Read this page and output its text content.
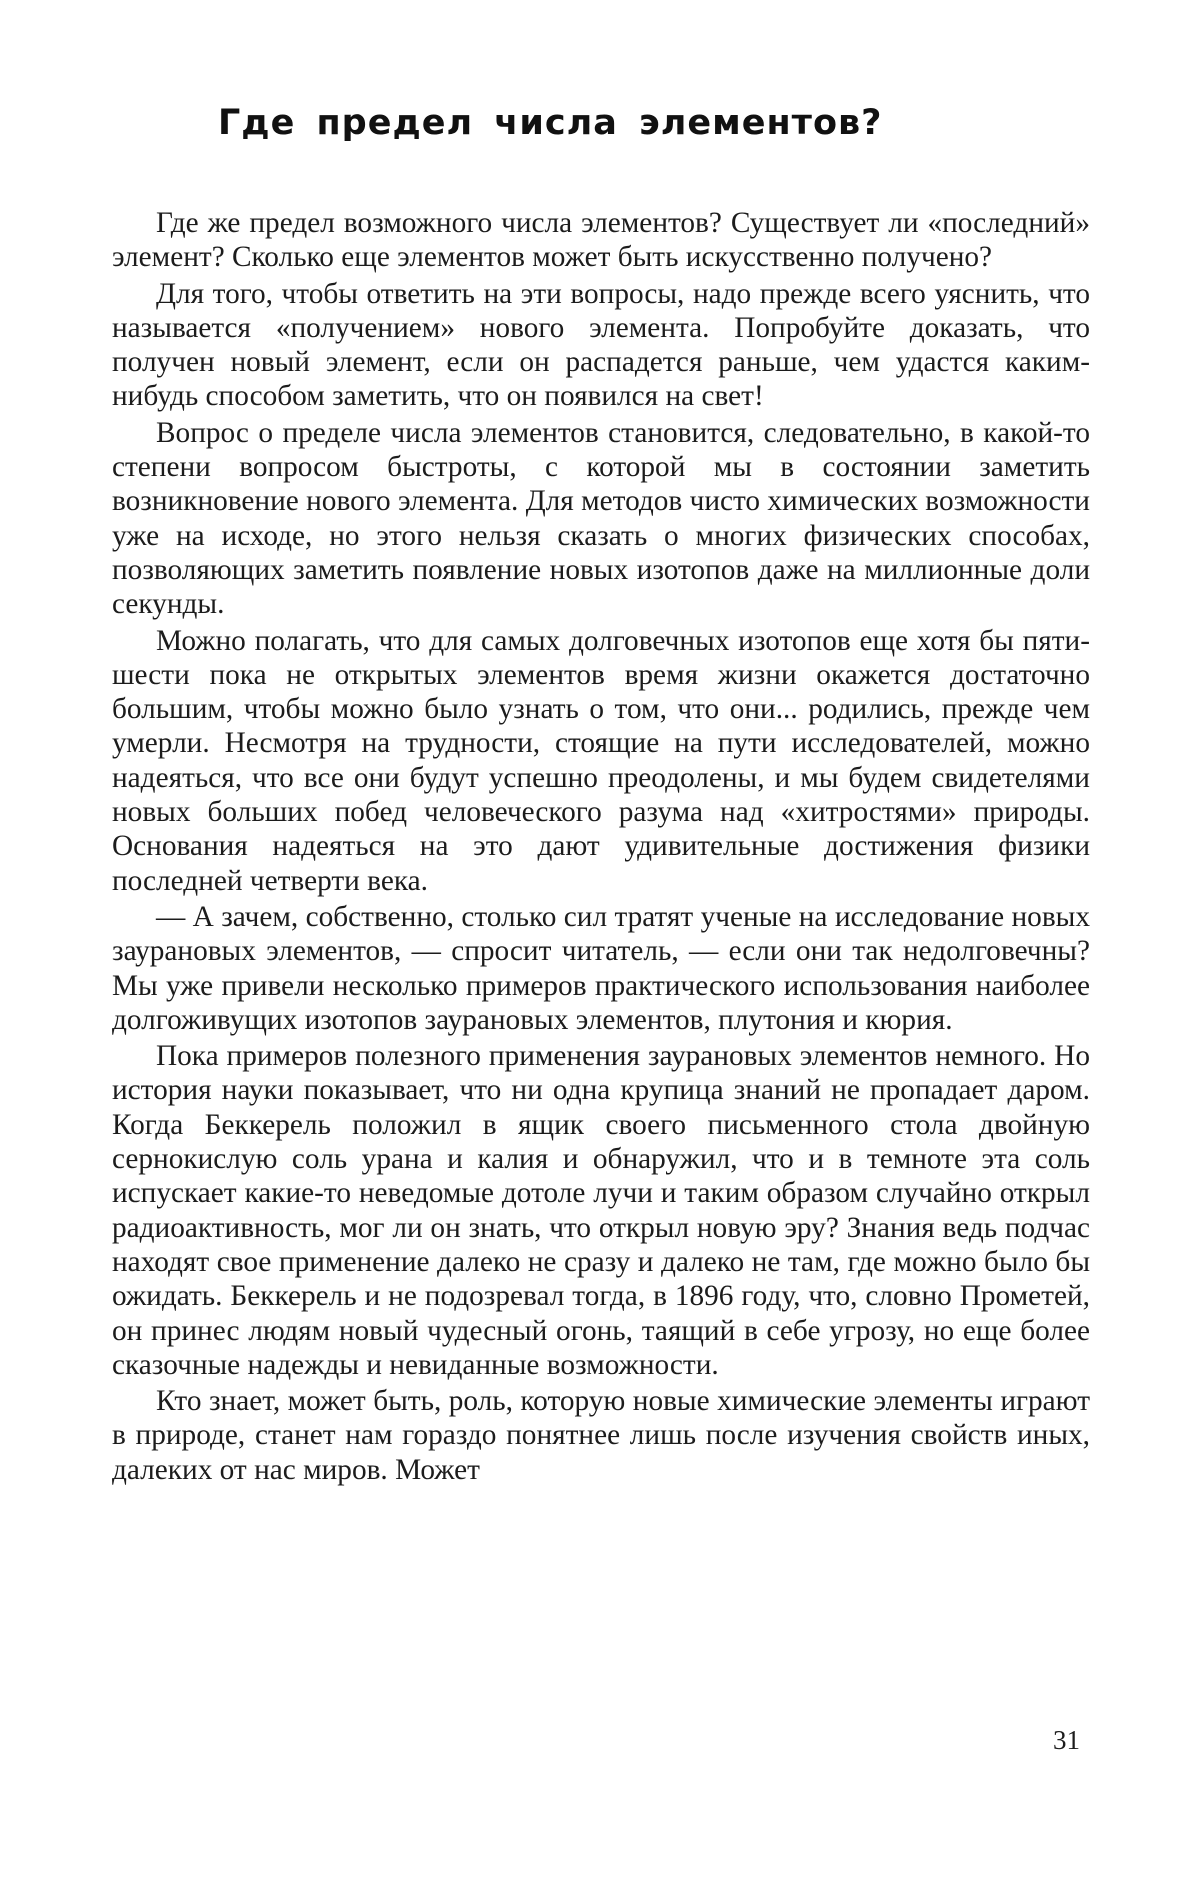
Где предел числа элементов?

Где же предел возможного числа элементов? Существует ли «последний» элемент? Сколько еще элементов может быть искусственно получено?

Для того, чтобы ответить на эти вопросы, надо прежде всего уяснить, что называется «получением» нового элемента. Попробуйте доказать, что получен новый элемент, если он распадется раньше, чем удастся каким-нибудь способом заметить, что он появился на свет!

Вопрос о пределе числа элементов становится, следовательно, в какой-то степени вопросом быстроты, с которой мы в состоянии заметить возникновение нового элемента. Для методов чисто химических возможности уже на исходе, но этого нельзя сказать о многих физических способах, позволяющих заметить появление новых изотопов даже на миллионные доли секунды.

Можно полагать, что для самых долговечных изотопов еще хотя бы пяти-шести пока не открытых элементов время жизни окажется достаточно большим, чтобы можно было узнать о том, что они... родились, прежде чем умерли. Несмотря на трудности, стоящие на пути исследователей, можно надеяться, что все они будут успешно преодолены, и мы будем свидетелями новых больших побед человеческого разума над «хитростями» природы. Основания надеяться на это дают удивительные достижения физики последней четверти века.

— А зачем, собственно, столько сил тратят ученые на исследование новых заурановых элементов, — спросит читатель, — если они так недолговечны? Мы уже привели несколько примеров практического использования наиболее долгоживущих изотопов заурановых элементов, плутония и кюрия.

Пока примеров полезного применения заурановых элементов немного. Но история науки показывает, что ни одна крупица знаний не пропадает даром. Когда Беккерель положил в ящик своего письменного стола двойную сернокислую соль урана и калия и обнаружил, что и в темноте эта соль испускает какие-то неведомые дотоле лучи и таким образом случайно открыл радиоактивность, мог ли он знать, что открыл новую эру? Знания ведь подчас находят свое применение далеко не сразу и далеко не там, где можно было бы ожидать. Беккерель и не подозревал тогда, в 1896 году, что, словно Прометей, он принес людям новый чудесный огонь, таящий в себе угрозу, но еще более сказочные надежды и невиданные возможности.

Кто знает, может быть, роль, которую новые химические элементы играют в природе, станет нам гораздо понятнее лишь после изучения свойств иных, далеких от нас миров. Может

31
